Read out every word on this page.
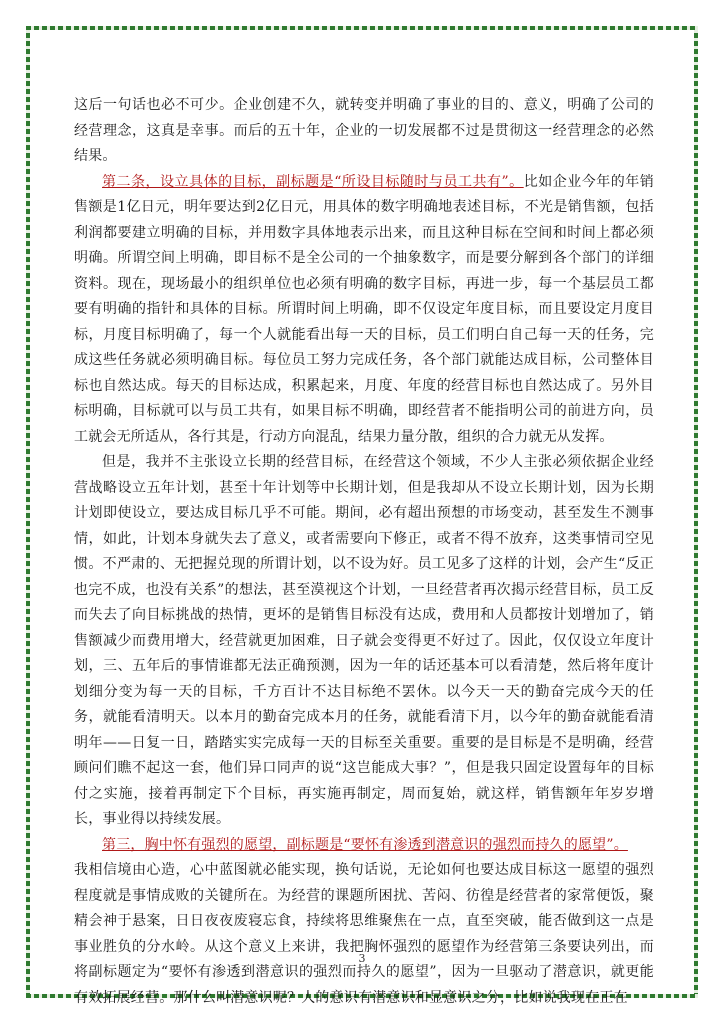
这后一句话也必不可少。企业创建不久，就转变并明确了事业的目的、意义，明确了公司的经营理念，这真是幸事。而后的五十年，企业的一切发展都不过是贯彻这一经营理念的必然结果。

第二条，设立具体的目标，副标题是“所设目标随时与员工共有”。比如企业今年的年销售额是1亿日元，明年要达到2亿日元，用具体的数字明确地表述目标，不光是销售额，包括利润都要建立明确的目标，并用数字具体地表示出来，而且这种目标在空间和时间上都必须明确。所谓空间上明确，即目标不是全公司的一个抽象数字，而是要分解到各个部门的详细资料。现在，现场最小的组织单位也必须有明确的数字目标，再进一步，每一个基层员工都要有明确的指针和具体的目标。所谓时间上明确，即不仅设定年度目标，而且要设定月度目标，月度目标明确了，每一个人就能看出每一天的目标，员工们明白自己每一天的任务，完成这些任务就必须明确目标。每位员工努力完成任务，各个部门就能达成目标，公司整体目标也自然达成。每天的目标达成，积累起来，月度、年度的经营目标也自然达成了。另外目标明确，目标就可以与员工共有，如果目标不明确，即经营者不能指明公司的前进方向，员工就会无所适从，各行其是，行动方向混乱，结果力量分散，组织的合力就无从发挥。

但是，我并不主张设立长期的经营目标，在经营这个领域，不少人主张必须依据企业经营战略设立五年计划，甚至十年计划等中长期计划，但是我却从不设立长期计划，因为长期计划即使设立，要达成目标几乎不可能。期间，必有超出预想的市场变动，甚至发生不测事情，如此，计划本身就失去了意义，或者需要向下修正，或者不得不放弃，这类事情司空见惯。不严肃的、无把握兑现的所谓计划，以不设为好。员工见多了这样的计划，会产生“反正也完不成，也没有关系”的想法，甚至漠视这个计划，一旦经营者再次揭示经营目标，员工反而失去了向目标挑战的热情，更坏的是销售目标没有达成，费用和人员都按计划增加了，销售额减少而费用增大，经营就更加困难，日子就会变得更不好过了。因此，仅仅设立年度计划，三、五年后的事情谁都无法正确预测，因为一年的话还基本可以看清楚，然后将年度计划细分变为每一天的目标，千方百计不达目标绝不罢休。以今天一天的勤奋完成今天的任务，就能看清明天。以本月的勤奋完成本月的任务，就能看清下月，以今年的勤奋就能看清明年——日复一日，踏踏实实完成每一天的目标至关重要。重要的是目标是不是明确，经营顾问们瞧不起这一套，他们异口同声的说“这岂能成大事？”，但是我只固定设置每年的目标付之实施，接着再制定下个目标，再实施再制定，周而复始，就这样，销售额年年岁岁增长，事业得以持续发展。

第三，胸中怀有强烈的愿望，副标题是“要怀有渗透到潜意识的强烈而持久的愿望”。

我相信境由心造，心中蓝图就必能实现，换句话说，无论如何也要达成目标这一愿望的强烈程度就是事情成败的关键所在。为经营的课题所困扰、苦闷、彷徨是经营者的家常便饭，聚精会神于悬案，日日夜夜废寝忘食，持续将思维聚焦在一点，直至突破，能否做到这一点是事业胜负的分水岭。从这个意义上来讲，我把胸怀强烈的愿望作为经营第三条要诀列出，而将副标题定为“要怀有渗透到潜意识的强烈而持久的愿望”，因为一旦驱动了潜意识，就更能有效拓展经营。那什么叫潜意识呢？人的意识有潜意识和显意识之分，比如说我现在正在

3
